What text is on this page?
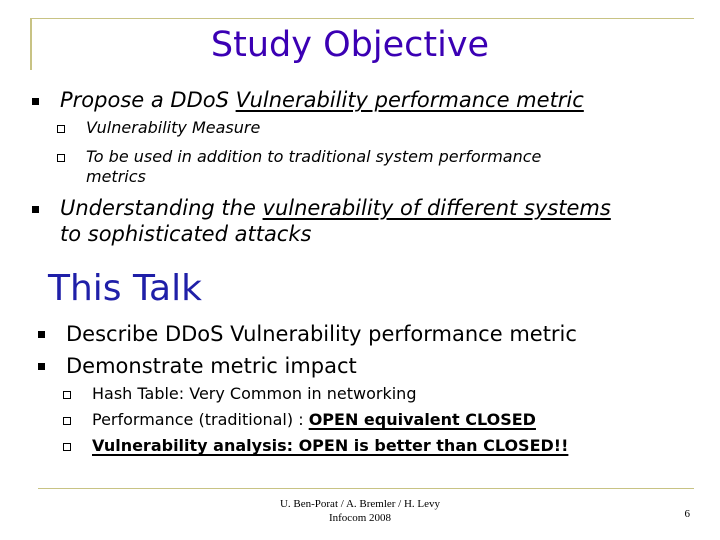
Study Objective
Propose a DDoS Vulnerability performance metric
Vulnerability Measure
To be used in addition to traditional system performance
metrics
Understanding the vulnerability of different systems
to sophisticated attacks
This Talk
Describe DDoS Vulnerability performance metric
Demonstrate metric impact
Hash Table: Very Common in networking
Performance (traditional) : OPEN equivalent CLOSED
Vulnerability analysis: OPEN is better than CLOSED!!
U. Ben-Porat / A. Bremler / H. Levy
Infocom 2008	6
